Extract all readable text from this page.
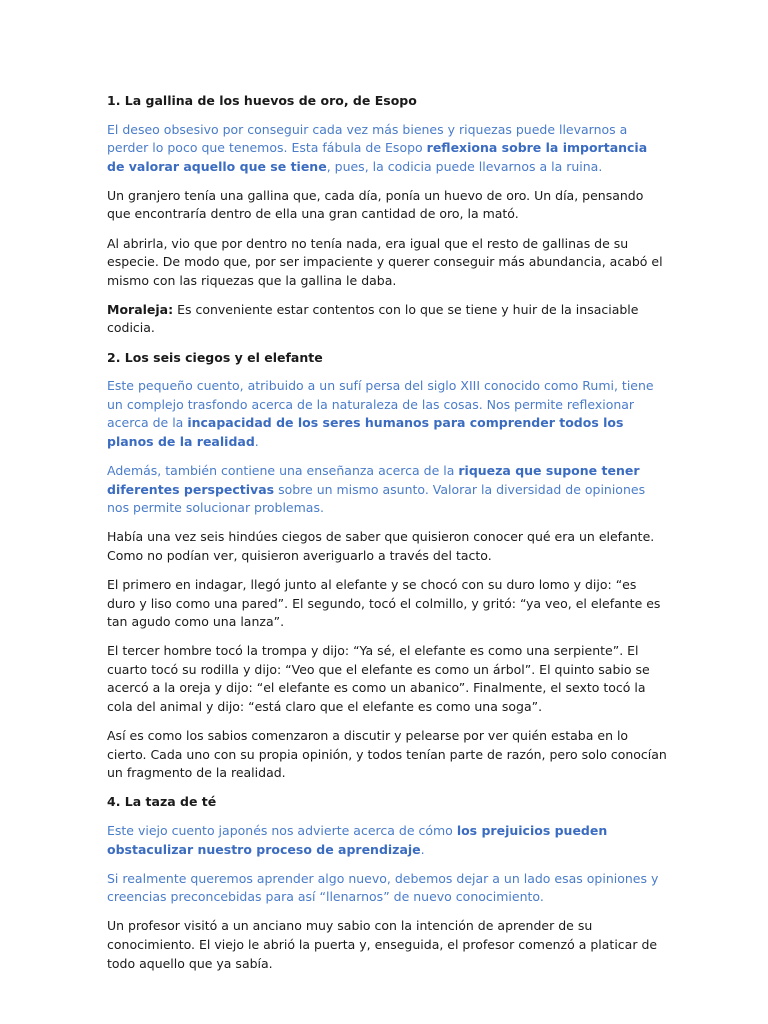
1. La gallina de los huevos de oro, de Esopo

El deseo obsesivo por conseguir cada vez más bienes y riquezas puede llevarnos a perder lo poco que tenemos. Esta fábula de Esopo reflexiona sobre la importancia de valorar aquello que se tiene, pues, la codicia puede llevarnos a la ruina.

Un granjero tenía una gallina que, cada día, ponía un huevo de oro. Un día, pensando que encontraría dentro de ella una gran cantidad de oro, la mató.

Al abrirla, vio que por dentro no tenía nada, era igual que el resto de gallinas de su especie. De modo que, por ser impaciente y querer conseguir más abundancia, acabó el mismo con las riquezas que la gallina le daba.

Moraleja: Es conveniente estar contentos con lo que se tiene y huir de la insaciable codicia.

2. Los seis ciegos y el elefante

Este pequeño cuento, atribuido a un sufí persa del siglo XIII conocido como Rumi, tiene un complejo trasfondo acerca de la naturaleza de las cosas. Nos permite reflexionar acerca de la incapacidad de los seres humanos para comprender todos los planos de la realidad.

Además, también contiene una enseñanza acerca de la riqueza que supone tener diferentes perspectivas sobre un mismo asunto. Valorar la diversidad de opiniones nos permite solucionar problemas.

Había una vez seis hindúes ciegos de saber que quisieron conocer qué era un elefante. Como no podían ver, quisieron averiguarlo a través del tacto.

El primero en indagar, llegó junto al elefante y se chocó con su duro lomo y dijo: “es duro y liso como una pared”. El segundo, tocó el colmillo, y gritó: “ya veo, el elefante es tan agudo como una lanza”.

El tercer hombre tocó la trompa y dijo: “Ya sé, el elefante es como una serpiente”. El cuarto tocó su rodilla y dijo: “Veo que el elefante es como un árbol”. El quinto sabio se acercó a la oreja y dijo: “el elefante es como un abanico”. Finalmente, el sexto tocó la cola del animal y dijo: “está claro que el elefante es como una soga”.

Así es como los sabios comenzaron a discutir y pelearse por ver quién estaba en lo cierto. Cada uno con su propia opinión, y todos tenían parte de razón, pero solo conocían un fragmento de la realidad.

4. La taza de té

Este viejo cuento japonés nos advierte acerca de cómo los prejuicios pueden obstaculizar nuestro proceso de aprendizaje.

Si realmente queremos aprender algo nuevo, debemos dejar a un lado esas opiniones y creencias preconcebidas para así “llenarnos” de nuevo conocimiento.

Un profesor visitó a un anciano muy sabio con la intención de aprender de su conocimiento. El viejo le abrió la puerta y, enseguida, el profesor comenzó a platicar de todo aquello que ya sabía.
